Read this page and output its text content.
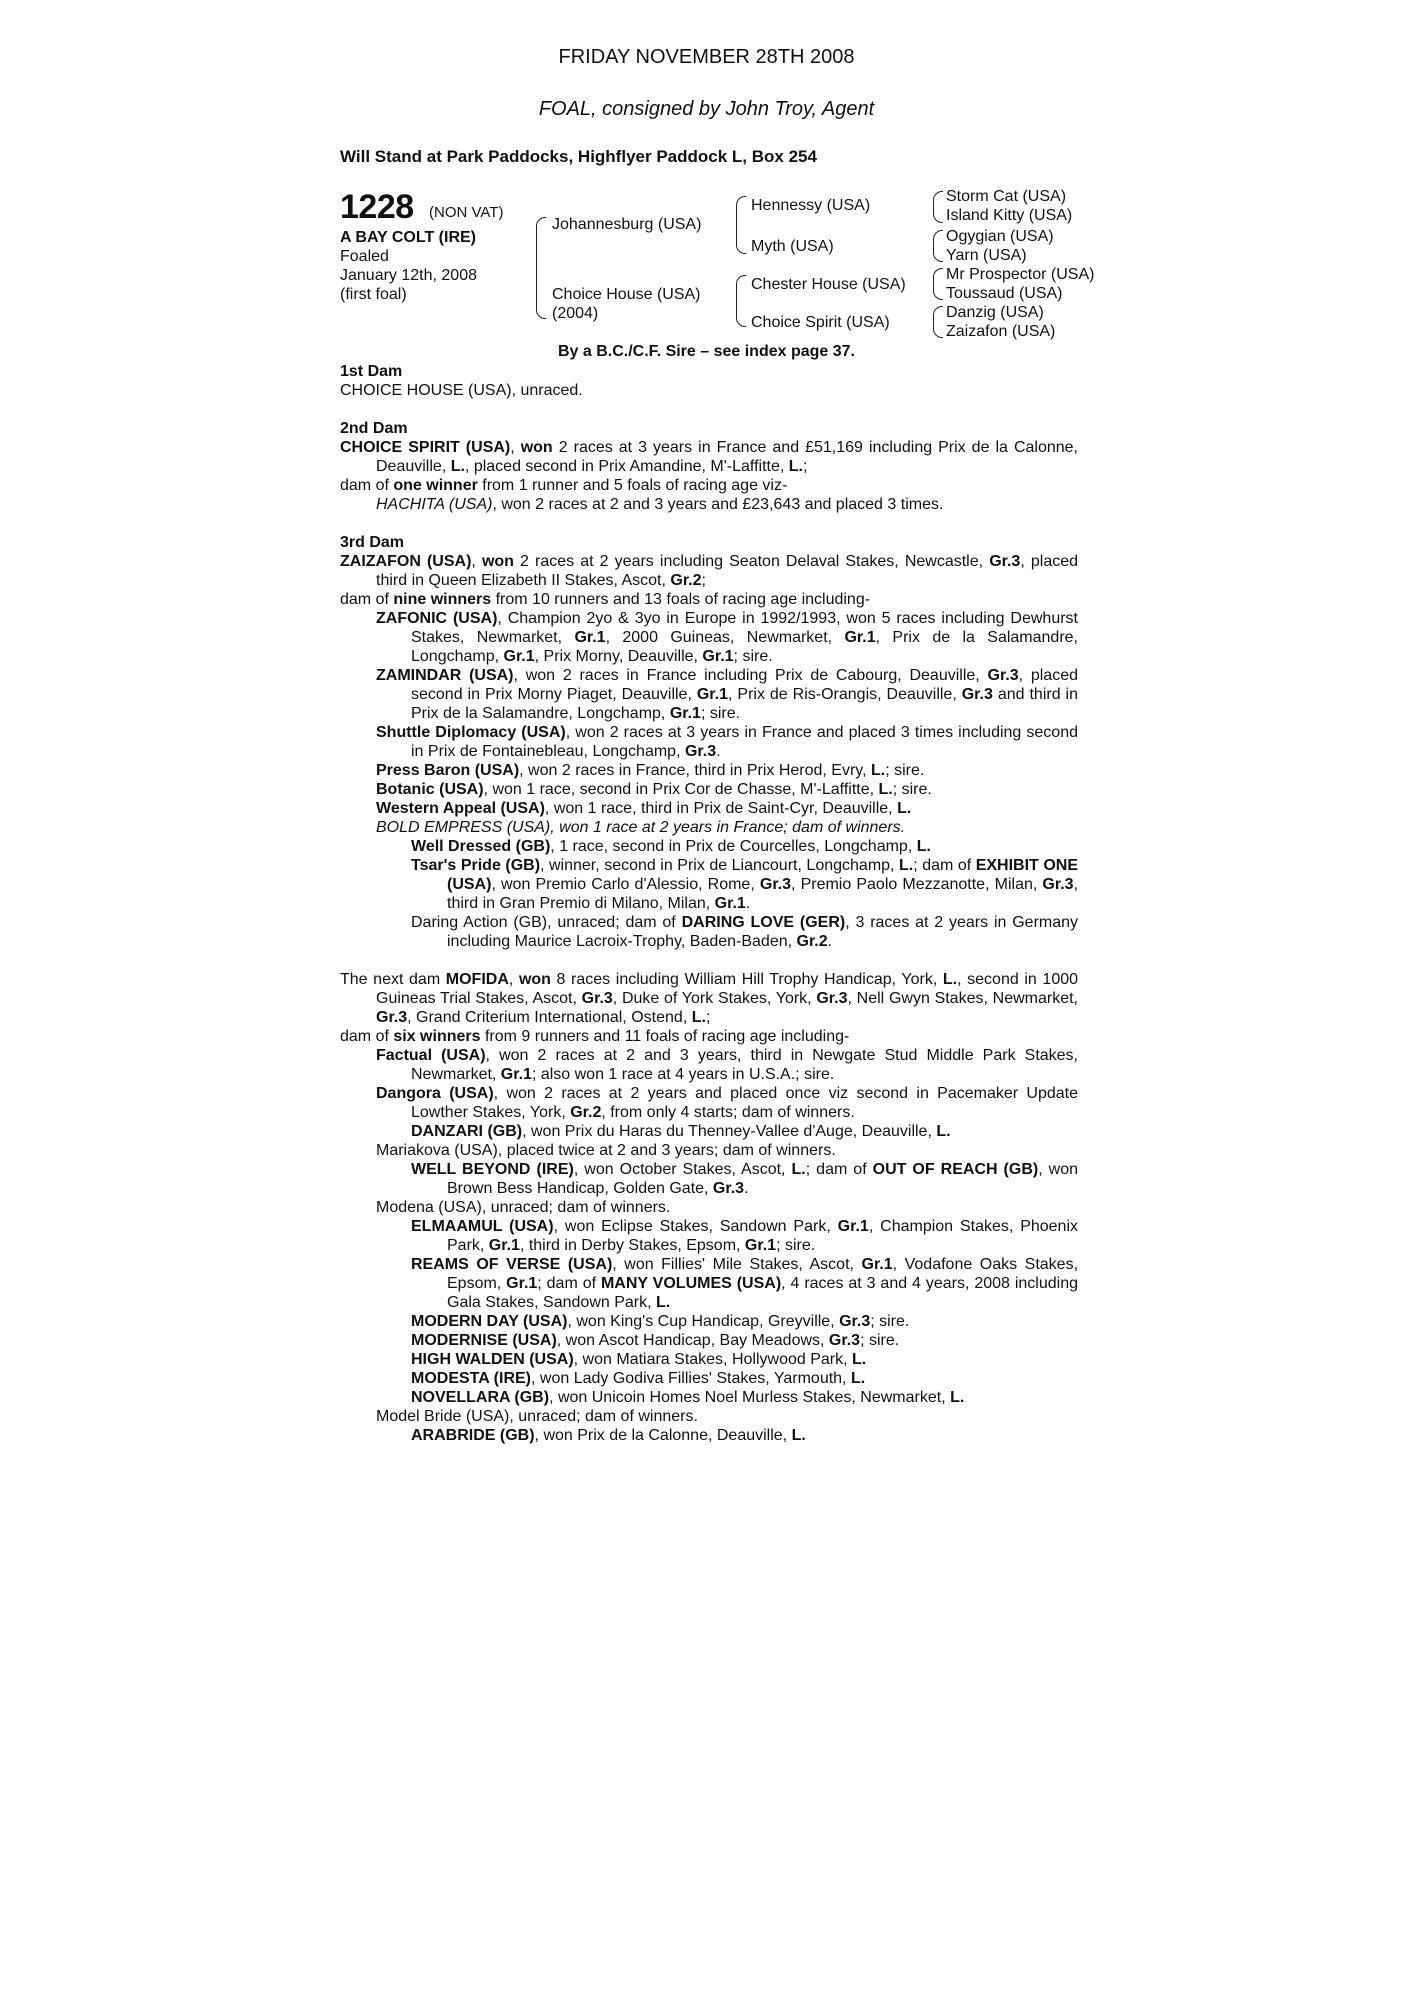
FRIDAY NOVEMBER 28TH 2008
FOAL, consigned by John Troy, Agent
Will Stand at Park Paddocks, Highflyer Paddock L, Box 254
1228 (NON VAT)
A BAY COLT (IRE)
Foaled
January 12th, 2008
(first foal)
Johannesburg (USA)
Choice House (USA)
(2004)
Hennessy (USA)
Myth (USA)
Chester House (USA)
Choice Spirit (USA)
Storm Cat (USA)
Island Kitty (USA)
Ogygian (USA)
Yarn (USA)
Mr Prospector (USA)
Toussaud (USA)
Danzig (USA)
Zaizafon (USA)
By a B.C./C.F. Sire – see index page 37.

1st Dam

CHOICE HOUSE (USA), unraced.

2nd Dam

CHOICE SPIRIT (USA), won 2 races at 3 years in France and £51,169 including Prix de la Calonne, Deauville, L., placed second in Prix Amandine, M'-Laffitte, L.;

dam of one winner from 1 runner and 5 foals of racing age viz-

HACHITA (USA), won 2 races at 2 and 3 years and £23,643 and placed 3 times.

3rd Dam

ZAIZAFON (USA), won 2 races at 2 years including Seaton Delaval Stakes, Newcastle, Gr.3, placed third in Queen Elizabeth II Stakes, Ascot, Gr.2;

dam of nine winners from 10 runners and 13 foals of racing age including-

ZAFONIC (USA), Champion 2yo & 3yo in Europe in 1992/1993, won 5 races including Dewhurst Stakes, Newmarket, Gr.1, 2000 Guineas, Newmarket, Gr.1, Prix de la Salamandre, Longchamp, Gr.1, Prix Morny, Deauville, Gr.1; sire.

ZAMINDAR (USA), won 2 races in France including Prix de Cabourg, Deauville, Gr.3, placed second in Prix Morny Piaget, Deauville, Gr.1, Prix de Ris-Orangis, Deauville, Gr.3 and third in Prix de la Salamandre, Longchamp, Gr.1; sire.

Shuttle Diplomacy (USA), won 2 races at 3 years in France and placed 3 times including second in Prix de Fontainebleau, Longchamp, Gr.3.

Press Baron (USA), won 2 races in France, third in Prix Herod, Evry, L.; sire.

Botanic (USA), won 1 race, second in Prix Cor de Chasse, M'-Laffitte, L.; sire.

Western Appeal (USA), won 1 race, third in Prix de Saint-Cyr, Deauville, L.

BOLD EMPRESS (USA), won 1 race at 2 years in France; dam of winners.

Well Dressed (GB), 1 race, second in Prix de Courcelles, Longchamp, L.

Tsar's Pride (GB), winner, second in Prix de Liancourt, Longchamp, L.; dam of EXHIBIT ONE (USA), won Premio Carlo d'Alessio, Rome, Gr.3, Premio Paolo Mezzanotte, Milan, Gr.3, third in Gran Premio di Milano, Milan, Gr.1.

Daring Action (GB), unraced; dam of DARING LOVE (GER), 3 races at 2 years in Germany including Maurice Lacroix-Trophy, Baden-Baden, Gr.2.

The next dam MOFIDA, won 8 races including William Hill Trophy Handicap, York, L., second in 1000 Guineas Trial Stakes, Ascot, Gr.3, Duke of York Stakes, York, Gr.3, Nell Gwyn Stakes, Newmarket, Gr.3, Grand Criterium International, Ostend, L.;

dam of six winners from 9 runners and 11 foals of racing age including-

Factual (USA), won 2 races at 2 and 3 years, third in Newgate Stud Middle Park Stakes, Newmarket, Gr.1; also won 1 race at 4 years in U.S.A.; sire.

Dangora (USA), won 2 races at 2 years and placed once viz second in Pacemaker Update Lowther Stakes, York, Gr.2, from only 4 starts; dam of winners.

DANZARI (GB), won Prix du Haras du Thenney-Vallee d'Auge, Deauville, L.

Mariakova (USA), placed twice at 2 and 3 years; dam of winners.

WELL BEYOND (IRE), won October Stakes, Ascot, L.; dam of OUT OF REACH (GB), won Brown Bess Handicap, Golden Gate, Gr.3.

Modena (USA), unraced; dam of winners.

ELMAAMUL (USA), won Eclipse Stakes, Sandown Park, Gr.1, Champion Stakes, Phoenix Park, Gr.1, third in Derby Stakes, Epsom, Gr.1; sire.

REAMS OF VERSE (USA), won Fillies' Mile Stakes, Ascot, Gr.1, Vodafone Oaks Stakes, Epsom, Gr.1; dam of MANY VOLUMES (USA), 4 races at 3 and 4 years, 2008 including Gala Stakes, Sandown Park, L.

MODERN DAY (USA), won King's Cup Handicap, Greyville, Gr.3; sire.

MODERNISE (USA), won Ascot Handicap, Bay Meadows, Gr.3; sire.

HIGH WALDEN (USA), won Matiara Stakes, Hollywood Park, L.

MODESTA (IRE), won Lady Godiva Fillies' Stakes, Yarmouth, L.

NOVELLARA (GB), won Unicoin Homes Noel Murless Stakes, Newmarket, L.

Model Bride (USA), unraced; dam of winners.

ARABRIDE (GB), won Prix de la Calonne, Deauville, L.
